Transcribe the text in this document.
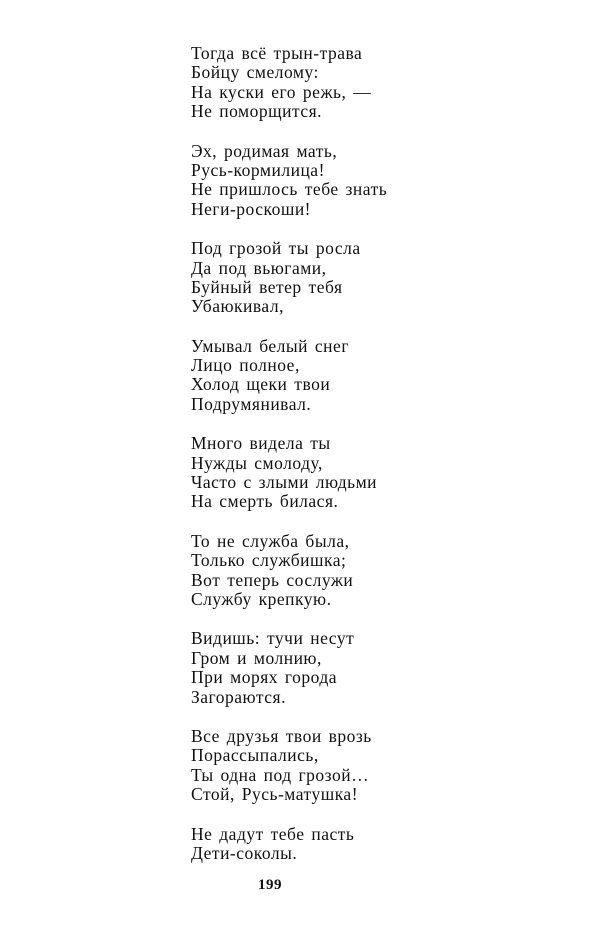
Тогда всё трын-трава
Бойцу смелому:
На куски его режь, —
Не поморщится.
Эх, родимая мать,
Русь-кормилица!
Не пришлось тебе знать
Неги-роскоши!
Под грозой ты росла
Да под вьюгами,
Буйный ветер тебя
Убаюкивал,
Умывал белый снег
Лицо полное,
Холод щеки твои
Подрумянивал.
Много видела ты
Нужды смолоду,
Часто с злыми людьми
На смерть билася.
То не служба была,
Только службишка;
Вот теперь сослужи
Службу крепкую.
Видишь: тучи несут
Гром и молнию,
При морях города
Загораются.
Все друзья твои врозь
Порассыпались,
Ты одна под грозой…
Стой, Русь-матушка!
Не дадут тебе пасть
Дети-соколы.
199
